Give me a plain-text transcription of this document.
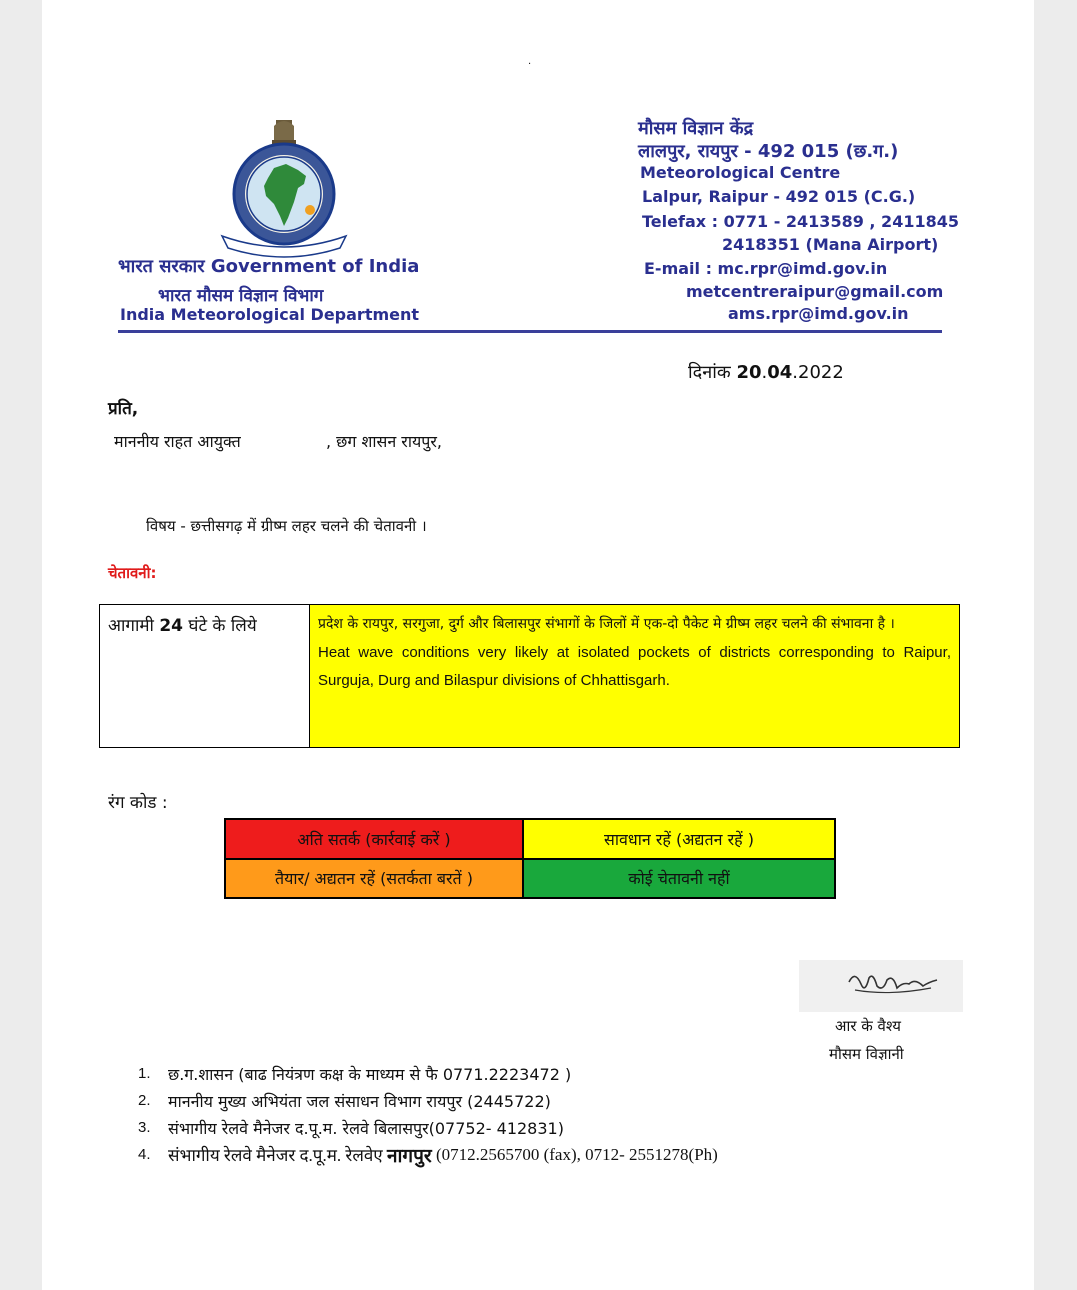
.
भारत सरकार Government of India
भारत मौसम विज्ञान विभाग
India Meteorological Department
मौसम विज्ञान केंद्र
लालपुर, रायपुर - 492 015 (छ.ग.)
Meteorological Centre
Lalpur, Raipur - 492 015 (C.G.)
Telefax : 0771 - 2413589 , 2411845
2418351 (Mana Airport)
E-mail : mc.rpr@imd.gov.in
metcentreraipur@gmail.com
ams.rpr@imd.gov.in
दिनांक 20.04.2022
प्रति,
माननीय राहत आयुक्त	, छग शासन रायपुर,
विषय - छत्तीसगढ़ में ग्रीष्म लहर चलने की चेतावनी ।
चेतावनी:
आगामी 24 घंटे के लिये	प्रदेश के रायपुर, सरगुजा, दुर्ग और बिलासपुर संभागों के जिलों में एक-दो पैकेट मे ग्रीष्म लहर चलने की संभावना है ।
Heat wave conditions very likely at isolated pockets of districts corresponding to Raipur, Surguja, Durg and Bilaspur divisions of Chhattisgarh.
रंग कोड :
अति सतर्क (कार्रवाई करें )	सावधान रहें (अद्यतन रहें )
तैयार/ अद्यतन रहें (सतर्कता बरतें )	कोई चेतावनी नहीं
आर के वैश्य
मौसम विज्ञानी
1.	छ.ग.शासन (बाढ नियंत्रण कक्ष के माध्यम से फै 0771.2223472 )
2.	माननीय मुख्य अभियंता जल संसाधन विभाग रायपुर (2445722)
3.	संभागीय रेलवे मैनेजर द.पू.म. रेलवे बिलासपुर(07752- 412831)
4.	संभागीय रेलवे मैनेजर द.पू.म. रेलवेए
नागपुर
(0712.2565700 (fax), 0712- 2551278(Ph)
